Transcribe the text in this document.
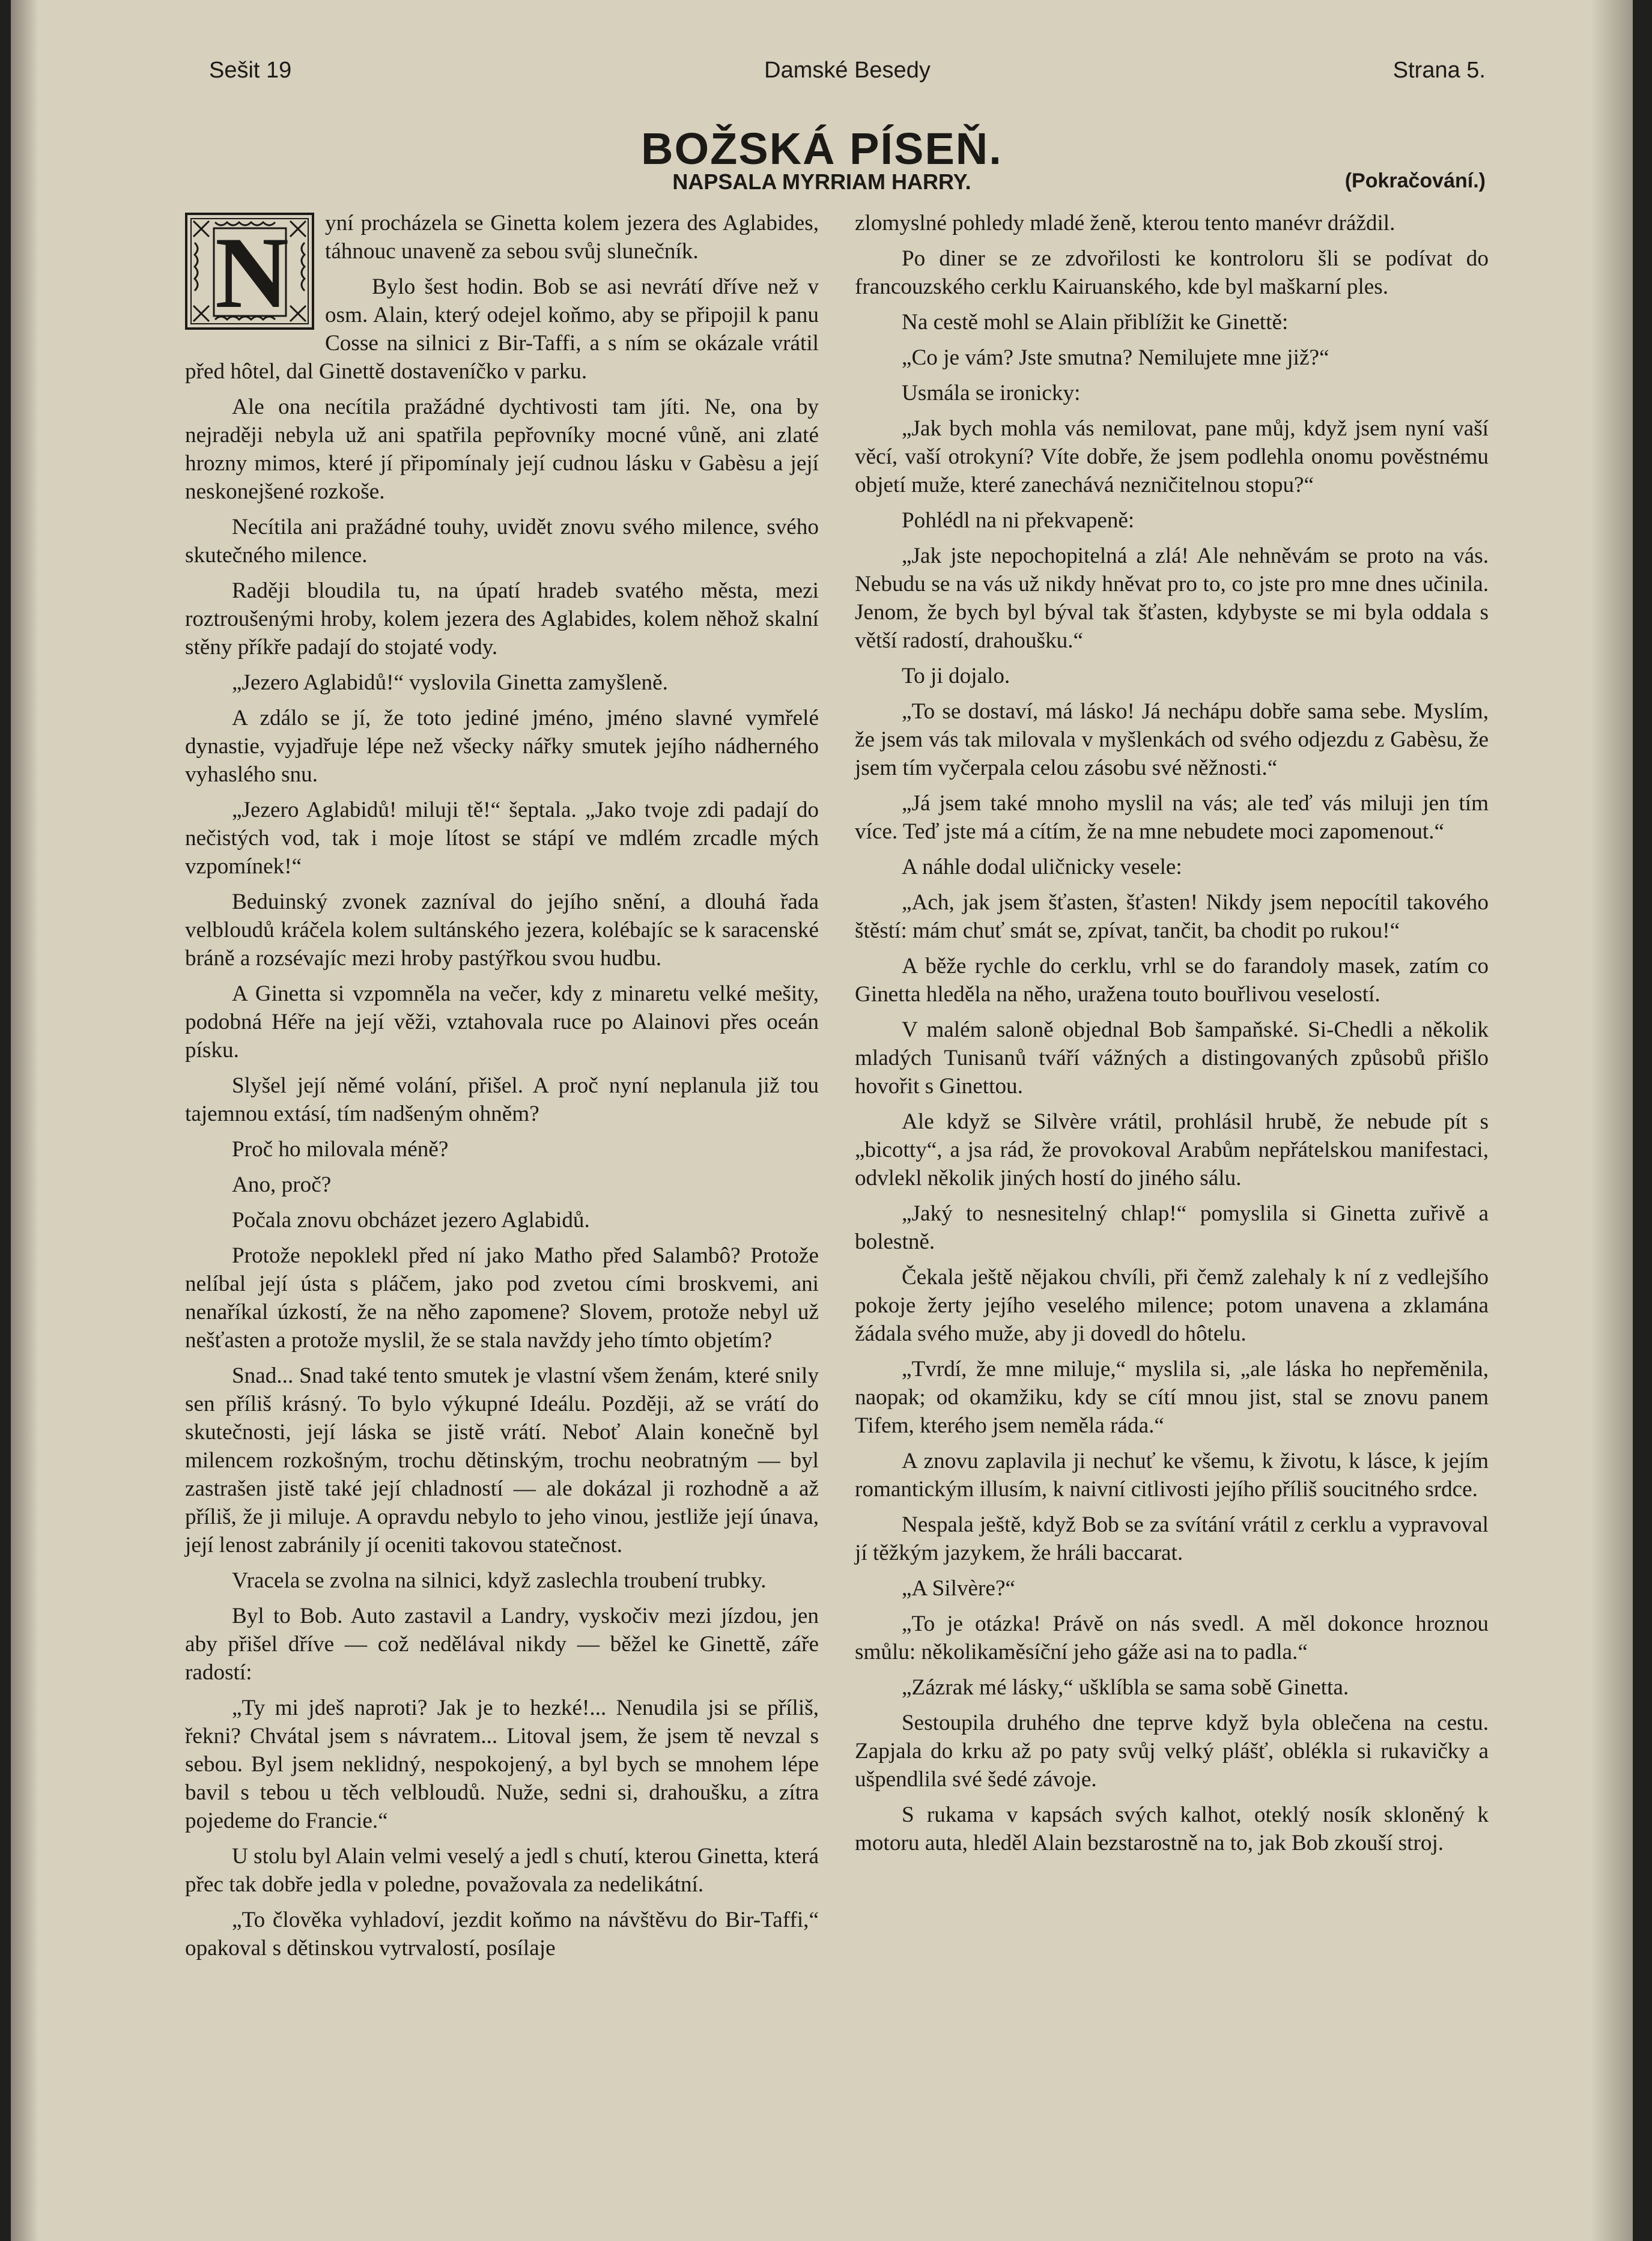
Sešit 19	Damské Besedy	Strana 5.
BOŽSKÁ PÍSEŇ.
NAPSALA MYRRIAM HARRY.	(Pokračování.)
N	yní procházela se Ginetta kolem jezera des Aglabides, táhnouc unaveně za sebou svůj slunečník.

Bylo šest hodin. Bob se asi nevrátí dříve než v osm. Alain, který odejel koňmo, aby se připojil k panu Cosse na silnici z Bir-Taffi, a s ním se okázale vrátil před hôtel, dal Ginettě dostaveníčko v parku.

Ale ona necítila pražádné dychtivosti tam jíti. Ne, ona by nejraději nebyla už ani spatřila pepřovníky mocné vůně, ani zlaté hrozny mimos, které jí připomínaly její cudnou lásku v Gabèsu a její neskonejšené rozkoše.

Necítila ani pražádné touhy, uvidět znovu svého milence, svého skutečného milence.

Raději bloudila tu, na úpatí hradeb svatého města, mezi roztroušenými hroby, kolem jezera des Aglabides, kolem něhož skalní stěny příkře padají do stojaté vody.

„Jezero Aglabidů!“ vyslovila Ginetta zamyšleně.

A zdálo se jí, že toto jediné jméno, jméno slavné vymřelé dynastie, vyjadřuje lépe než všecky nářky smutek jejího nádherného vyhaslého snu.

„Jezero Aglabidů! miluji tě!“ šeptala. „Jako tvoje zdi padají do nečistých vod, tak i moje lítost se stápí ve mdlém zrcadle mých vzpomínek!“

Beduinský zvonek zazníval do jejího snění, a dlouhá řada velbloudů kráčela kolem sultánského jezera, kolébajíc se k saracenské bráně a rozsévajíc mezi hroby pastýřkou svou hudbu.

A Ginetta si vzpomněla na večer, kdy z minaretu velké mešity, podobná Héře na její věži, vztahovala ruce po Alainovi přes oceán písku.

Slyšel její němé volání, přišel. A proč nyní neplanula již tou tajemnou extásí, tím nadšeným ohněm?

Proč ho milovala méně?

Ano, proč?

Počala znovu obcházet jezero Aglabidů.

Protože nepoklekl před ní jako Matho před Salambô? Protože nelíbal její ústa s pláčem, jako pod zvetou cími broskvemi, ani nenaříkal úzkostí, že na něho zapomene? Slovem, protože nebyl už nešťasten a protože myslil, že se stala navždy jeho tímto objetím?

Snad... Snad také tento smutek je vlastní všem ženám, které snily sen příliš krásný. To bylo výkupné Ideálu. Později, až se vrátí do skutečnosti, její láska se jistě vrátí. Neboť Alain konečně byl milencem rozkošným, trochu dětinským, trochu neobratným — byl zastrašen jistě také její chladností — ale dokázal ji rozhodně a až příliš, že ji miluje. A opravdu nebylo to jeho vinou, jestliže její únava, její lenost zabránily jí oceniti takovou statečnost.

Vracela se zvolna na silnici, když zaslechla troubení trubky.

Byl to Bob. Auto zastavil a Landry, vyskočiv mezi jízdou, jen aby přišel dříve — což nedělával nikdy — běžel ke Ginettě, záře radostí:

„Ty mi jdeš naproti? Jak je to hezké!... Nenudila jsi se příliš, řekni? Chvátal jsem s návratem... Litoval jsem, že jsem tě nevzal s sebou. Byl jsem neklidný, nespokojený, a byl bych se mnohem lépe bavil s tebou u těch velbloudů. Nuže, sedni si, drahoušku, a zítra pojedeme do Francie.“

U stolu byl Alain velmi veselý a jedl s chutí, kterou Ginetta, která přec tak dobře jedla v poledne, považovala za nedelikátní.

„To člověka vyhladoví, jezdit koňmo na návštěvu do Bir-Taffi,“ opakoval s dětinskou vytrvalostí, posílaje

zlomyslné pohledy mladé ženě, kterou tento manévr dráždil.

Po diner se ze zdvořilosti ke kontroloru šli se podívat do francouzského cerklu Kairuanského, kde byl maškarní ples.

Na cestě mohl se Alain přiblížit ke Ginettě:

„Co je vám? Jste smutna? Nemilujete mne již?“

Usmála se ironicky:

„Jak bych mohla vás nemilovat, pane můj, když jsem nyní vaší věcí, vaší otrokyní? Víte dobře, že jsem podlehla onomu pověstnému objetí muže, které zanechává nezničitelnou stopu?“

Pohlédl na ni překvapeně:

„Jak jste nepochopitelná a zlá! Ale nehněvám se proto na vás. Nebudu se na vás už nikdy hněvat pro to, co jste pro mne dnes učinila. Jenom, že bych byl býval tak šťasten, kdybyste se mi byla oddala s větší radostí, drahoušku.“

To ji dojalo.

„To se dostaví, má lásko! Já nechápu dobře sama sebe. Myslím, že jsem vás tak milovala v myšlenkách od svého odjezdu z Gabèsu, že jsem tím vyčerpala celou zásobu své něžnosti.“

„Já jsem také mnoho myslil na vás; ale teď vás miluji jen tím více. Teď jste má a cítím, že na mne nebudete moci zapomenout.“

A náhle dodal uličnicky vesele:

„Ach, jak jsem šťasten, šťasten! Nikdy jsem nepocítil takového štěstí: mám chuť smát se, zpívat, tančit, ba chodit po rukou!“

A běže rychle do cerklu, vrhl se do farandoly masek, zatím co Ginetta hleděla na něho, uražena touto bouřlivou veselostí.

V malém saloně objednal Bob šampaňské. Si-Chedli a několik mladých Tunisanů tváří vážných a distingovaných způsobů přišlo hovořit s Ginettou.

Ale když se Silvère vrátil, prohlásil hrubě, že nebude pít s „bicotty“, a jsa rád, že provokoval Arabům nepřátelskou manifestaci, odvlekl několik jiných hostí do jiného sálu.

„Jaký to nesnesitelný chlap!“ pomyslila si Ginetta zuřivě a bolestně.

Čekala ještě nějakou chvíli, při čemž zalehaly k ní z vedlejšího pokoje žerty jejího veselého milence; potom unavena a zklamána žádala svého muže, aby ji dovedl do hôtelu.

„Tvrdí, že mne miluje,“ myslila si, „ale láska ho nepřeměnila, naopak; od okamžiku, kdy se cítí mnou jist, stal se znovu panem Tifem, kterého jsem neměla ráda.“

A znovu zaplavila ji nechuť ke všemu, k životu, k lásce, k jejím romantickým illusím, k naivní citlivosti jejího příliš soucitného srdce.

Nespala ještě, když Bob se za svítání vrátil z cerklu a vypravoval jí těžkým jazykem, že hráli baccarat.

„A Silvère?“

„To je otázka! Právě on nás svedl. A měl dokonce hroznou smůlu: několikaměsíční jeho gáže asi na to padla.“

„Zázrak mé lásky,“ ušklíbla se sama sobě Ginetta.

Sestoupila druhého dne teprve když byla oblečena na cestu. Zapjala do krku až po paty svůj velký plášť, oblékla si rukavičky a ušpendlila své šedé závoje.

S rukama v kapsách svých kalhot, oteklý nosík skloněný k motoru auta, hleděl Alain bezstarostně na to, jak Bob zkouší stroj.
